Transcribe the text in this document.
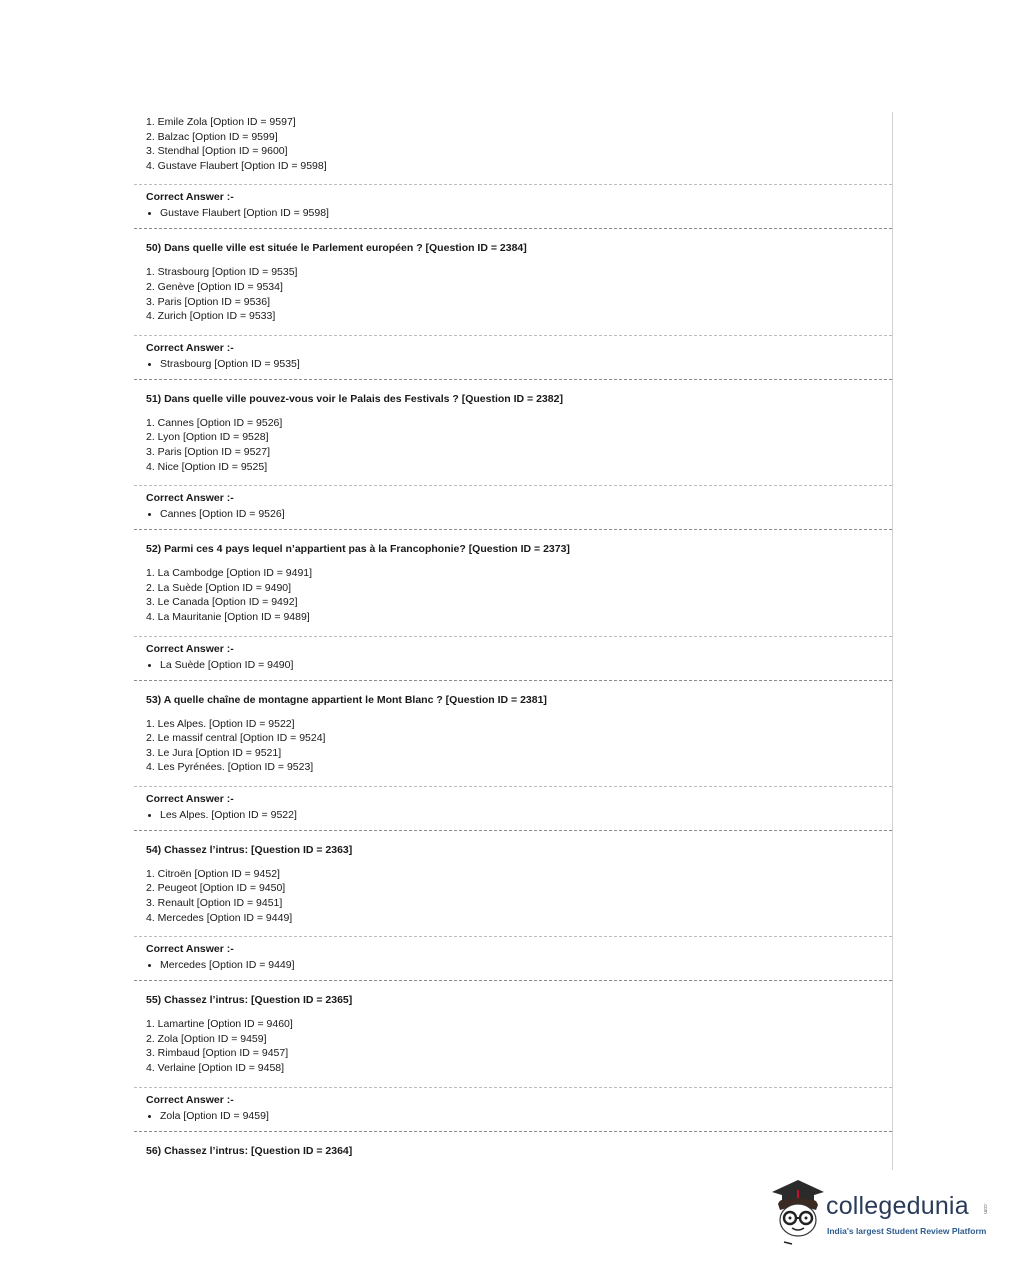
1. Emile Zola [Option ID = 9597]
2. Balzac [Option ID = 9599]
3. Stendhal [Option ID = 9600]
4. Gustave Flaubert [Option ID = 9598]
Correct Answer :-
Gustave Flaubert [Option ID = 9598]
50) Dans quelle ville est située le Parlement européen ? [Question ID = 2384]
1. Strasbourg [Option ID = 9535]
2. Genève [Option ID = 9534]
3. Paris [Option ID = 9536]
4. Zurich [Option ID = 9533]
Correct Answer :-
Strasbourg [Option ID = 9535]
51) Dans quelle ville pouvez-vous voir le Palais des Festivals ? [Question ID = 2382]
1. Cannes [Option ID = 9526]
2. Lyon [Option ID = 9528]
3. Paris [Option ID = 9527]
4. Nice [Option ID = 9525]
Correct Answer :-
Cannes [Option ID = 9526]
52) Parmi ces 4 pays lequel n’appartient pas à la Francophonie? [Question ID = 2373]
1. La Cambodge [Option ID = 9491]
2. La Suède [Option ID = 9490]
3. Le Canada [Option ID = 9492]
4. La Mauritanie [Option ID = 9489]
Correct Answer :-
La Suède [Option ID = 9490]
53) A quelle chaîne de montagne appartient le Mont Blanc ? [Question ID = 2381]
1. Les Alpes. [Option ID = 9522]
2. Le massif central [Option ID = 9524]
3. Le Jura [Option ID = 9521]
4. Les Pyrénées. [Option ID = 9523]
Correct Answer :-
Les Alpes. [Option ID = 9522]
54) Chassez l’intrus: [Question ID = 2363]
1. Citroën [Option ID = 9452]
2. Peugeot [Option ID = 9450]
3. Renault [Option ID = 9451]
4. Mercedes [Option ID = 9449]
Correct Answer :-
Mercedes [Option ID = 9449]
55) Chassez l’intrus: [Question ID = 2365]
1. Lamartine [Option ID = 9460]
2. Zola [Option ID = 9459]
3. Rimbaud [Option ID = 9457]
4. Verlaine [Option ID = 9458]
Correct Answer :-
Zola [Option ID = 9459]
56) Chassez l’intrus: [Question ID = 2364]
collegedunia	.com
India's largest Student Review Platform
